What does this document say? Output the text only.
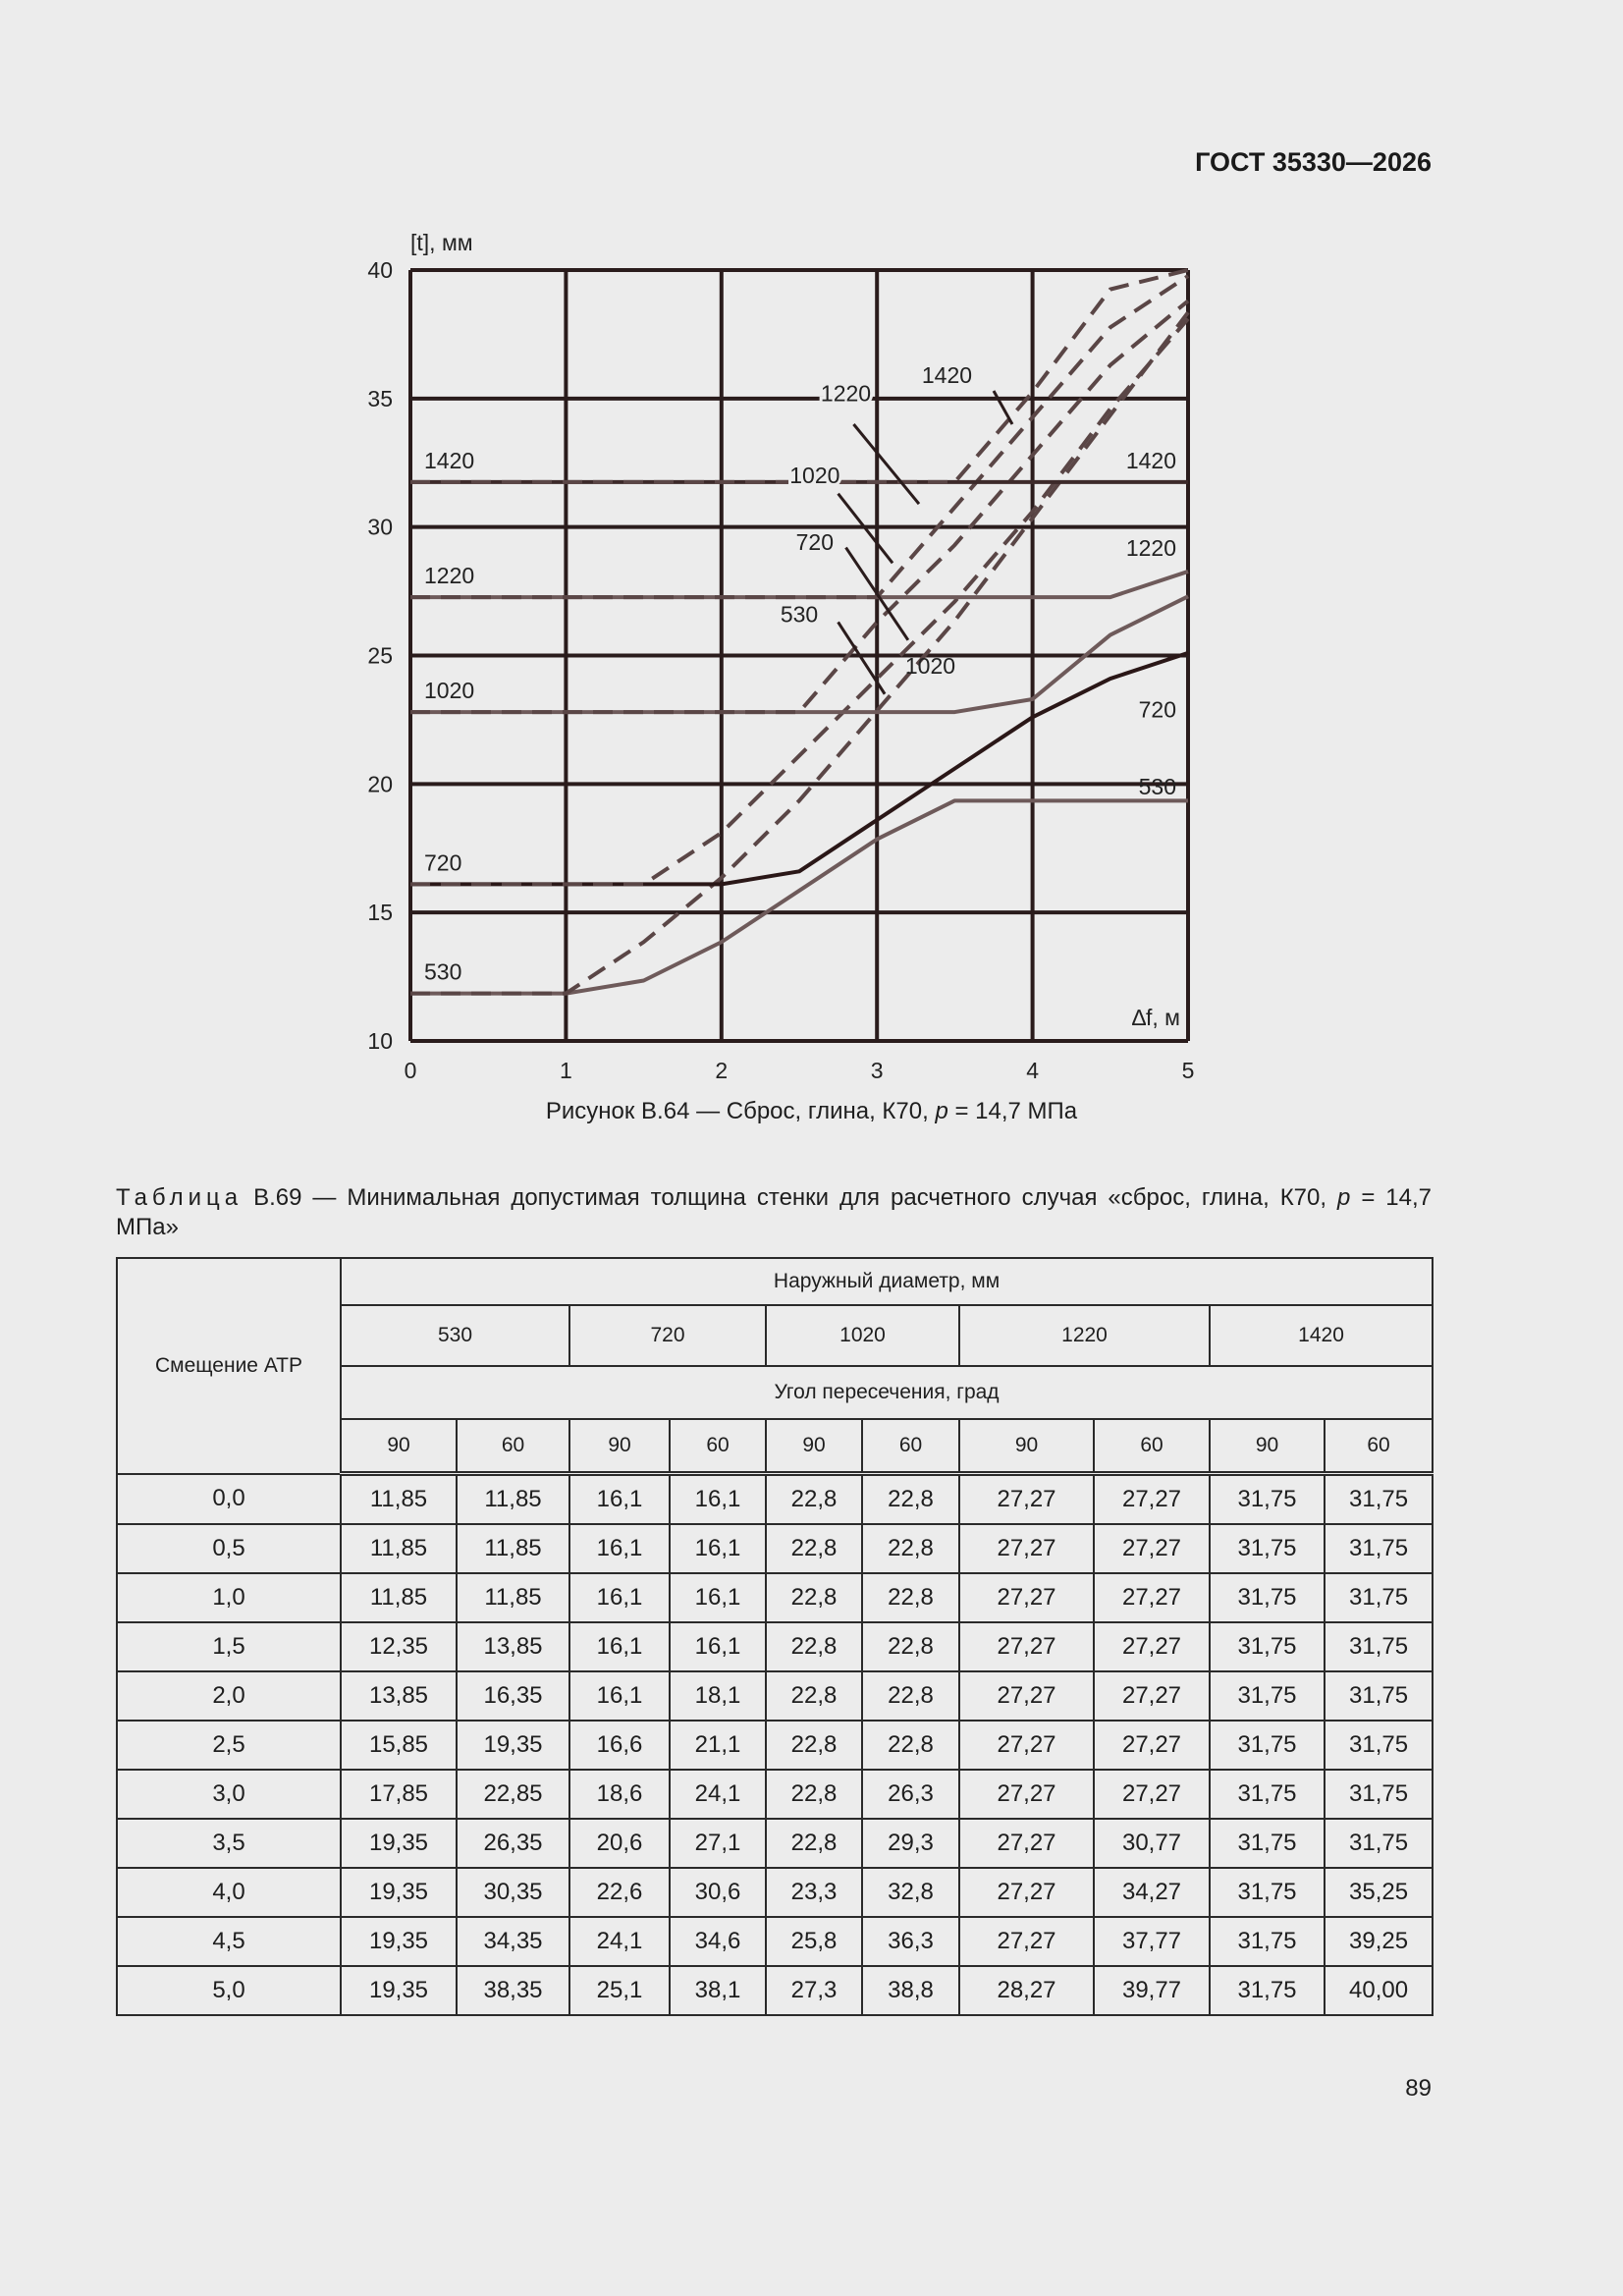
ГОСТ 35330—2026
0	1	2	3	4	5
10
15
20
25
30
35
40
[t], мм
∆f, м
1420
1220
1020
720
530
1420
1220
1020
720
530
1420
1220
1020
720
530
Рисунок В.64 — Сброс, глина, К70, p = 14,7 МПа
Таблица В.69 — Минимальная допустимая толщина стенки для расчетного случая «сброс, глина, К70, p = 14,7 МПа»
Смещение АТР	Наружный диаметр, мм									
	530		720		1020		1220		1420	
	Угол пересечения, град									
	90	60	90	60	90	60	90	60	90	60
0,0	11,85	11,85	16,1	16,1	22,8	22,8	27,27	27,27	31,75	31,75
0,5	11,85	11,85	16,1	16,1	22,8	22,8	27,27	27,27	31,75	31,75
1,0	11,85	11,85	16,1	16,1	22,8	22,8	27,27	27,27	31,75	31,75
1,5	12,35	13,85	16,1	16,1	22,8	22,8	27,27	27,27	31,75	31,75
2,0	13,85	16,35	16,1	18,1	22,8	22,8	27,27	27,27	31,75	31,75
2,5	15,85	19,35	16,6	21,1	22,8	22,8	27,27	27,27	31,75	31,75
3,0	17,85	22,85	18,6	24,1	22,8	26,3	27,27	27,27	31,75	31,75
3,5	19,35	26,35	20,6	27,1	22,8	29,3	27,27	30,77	31,75	31,75
4,0	19,35	30,35	22,6	30,6	23,3	32,8	27,27	34,27	31,75	35,25
4,5	19,35	34,35	24,1	34,6	25,8	36,3	27,27	37,77	31,75	39,25
5,0	19,35	38,35	25,1	38,1	27,3	38,8	28,27	39,77	31,75	40,00
89
